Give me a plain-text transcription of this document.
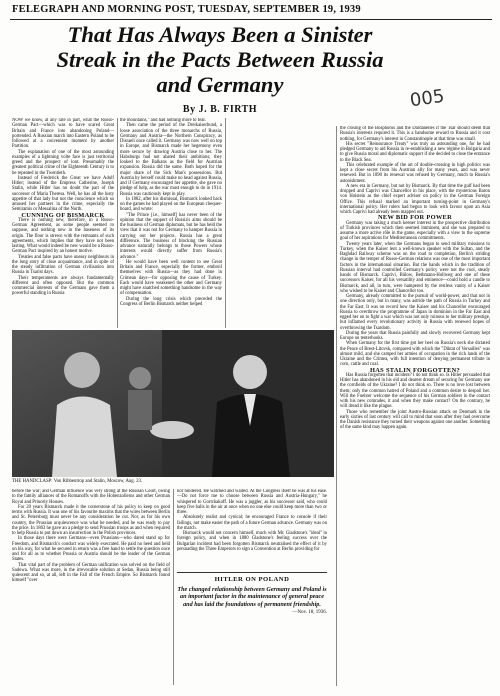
FELEGRAPH AND MORNING POST, TUESDAY, SEPTEMBER 19, 1939
005
That Has Always Been a Sinister Streak in the Pacts Between Russia and Germany
By J. B. FIRTH

NOW we know, at any rate in part, what the Russo-German Pact—which was to have scared Great Britain and France into abandoning Poland—portended. A Russian march into Eastern Poland to be followed at a convenient moment by another Partition.

The explanation of one of the most astounding examples of a lightning volte face is just territorial greed and the prospect of loot. Presumably the greatest political crime of the Eighteenth Century is to be repeated in the Twentieth.

Instead of Frederick the Great we have Adolf Hitler; instead of the Empress Catherine, Joseph Stalin, while Hitler has no doubt the part of the successor of Maria Theresa. Well, he has all the lusty appetite of that lady but not the conscience which so amused her partners in the crime, especially the Semiramis or Messalina of the North.

CUNNING OF BISMARCK

There is nothing new, therefore, in a Russo-German Agreement, as some people seemed to suppose, and nothing new in the baseness of its origin. The floor is strewn with the remnants of such agreements, which implies that they have not been lasting. What would indeed be new would be a Russo-German Pact inspired by an honest motive.

Treaties and false pacts have uneasy neighbours in the long story of close acquaintance, and in spite of the steady infiltration of German civilisation into Russia in Tsarist days.

Their temperaments are always fundamentally different and often opposed. But the common commercial interests of the Germans gave them a powerful standing in Russia

the mountains," and had nothing more to fear.

Then came the period of the Dreikaiserbund, a loose association of the three monarchs of Russia, Germany and Austria—the Northern Conspiracy, as Disraeli once called it. Germany was now well on top in Europe, and Bismarck made her hegemony even more secure by drawing Austria close to her. The Habsburgs had not abated their ambitions; they looked to the Balkans as the field for Austrian expansion. Russia did the same. Both hoped for the major share of the Sick Man's possessions. But Austria by herself could make no head against Russia, and if Germany encouraged her appetite, she gave no pledge of help, as the war must enough to do in 1914. Russia was cautiously kept in play.

In 1882, after his dismissal, Bismarck looked back on the games he had played on the European chequer-board, and wrote:

"The Prince [i.e., himself] has never been of the opinion that the support of Russia's aims should be the business of German diplomats, but he has held the view that it was not for Germany to hamper Russia in carrying out her projects. Russia has a great difference. The business of blocking the Russian advance naturally belongs to those Powers whose interests would directly suffer from Russia's advance."

He would have been well content to see Great Britain and France, especially the former, embroil themselves with Russia—as they had done in Crimean days—for opposing the cause of Turkey. Each would have weakened the other and Germany might have snatched something handsome in the way of compensation.

During the long crisis which preceded the Congress of Berlin Bismarck neither helped

the closing of the Bosphorus and the Dardanelles if the Tsar should deem that Russia's interests required it. This is a handsome reward to Russia and it cost nothing, for Germany's interest in Constantinople at that time was small.

His secret "Reinsurance Treaty" was truly an astounding one, for he had pledged Germany to aid Russia in re-establishing a new régime in Bulgaria and to give Russia moral and diplomatic support if she decided to close the entrance to the Black Sea.

This celebrated example of the art of double-crossing in high politics was kept a close secret from his Austrian ally for many years, and was never renewed. But in 1890 its renewal was refused by Germany, much to Russia's astonishment.

A new era in Germany, but not by Bismarck. By that time the gulf had been dropped and Caprivi was Chancellor in his place, with the mysterious Baron von Holstein as the chief expert adviser on policy in the German Foreign Office. This refusal marked an important turning-point in Germany's international policy. Her rulers had begun to look with favour upon an Asia which Caprivi had already been mapped out.

NEW BID FOR POWER

Germany was taking a much keener interest in the prospective distribution of Turkish provinces which then seemed imminent, and she was prepared to assume a more active rôle in the game, especially with a view to the supreme goal of her aspirations for Mediterranean commitments.

Twenty years later, when the Germans began to send military missions to Turkey, when the Kaiser lent a well-known speaker with the Sultan, and the Baghdad Railway scheme was on the road to completion, Berlin's striding change in the temper of Russo-German relations was one of the most important factors in the international situation. But the hands which in the tradition of Russian interval had controlled Germany's policy were not the cool, steady hands of Bismarck. Caprivi, Bülow, Bethmann-Hollweg and one of these successors Kaiser, for all his versatility and eminence—could hold a candle to Bismarck, and all, in turn, were hampered by the restless vanity of a Kaiser who wished to be Kaiser and Chancellor too.

Germany, already committed to the pursuit of world-power, and that not in one direction only, but in many, was astride the path of Russia in Turkey and the Far East. It was on record how the Kaiser and his Chancellor encouraged Russia to overthrow the programme of Japan in dominion in the Far East and egged her on to fight a war which was not only ruinous to her military prestige, but inflamed every revolutionary activity in Russia with renewed hopes of overthrowing the Tsardom.

During the years that Russia painfully and slowly recovered Germany kept Europe on tenterhooks.

When Germany for the first time got her heel on Russia's neck she dictated the Peace of Brest-Litovsk, compared with which the "Diktat of Versailles" was almost mild, and she camped her armies of occupation in the rich lands of the Ukraine and the Crimea, with full intention of denying permanent tribute in corn, cattle and coal.

HAS STALIN FORGOTTEN?

Has Russia forgotten that incident? I do not think so. Is Hitler persuaded that Hitler has abandoned in his old and dearest dream of securing for Germany use the cornfields of the Ukraine? I do not think so. There is no love lost between them; only the common hatred of Poland and a common desire to despoil her. Will the Fuehrer welcome the sequence of his German soldiers in the contact with his new comrades, it and when they make contact? On the contrary, he will dread it like the plague.

Those who remember the joint Austro-Russian attack on Denmark in the early sixties of last century will call to mind that soon after they had overcome the Danish resistance they turned their weapons against one another. Something of the same kind may happen again.

THE HANDCLASP: Von Ribbentrop and Stalin, Moscow, Aug. 23.

before the war; and German influence was very strong at the Russian Court, owing to the family alliances of the Romanoffs with the Hohenzollerns and other German Royal and Princely Houses.

For 20 years Bismarck made it the cornerstone of his policy to keep on good terms with Russia. It was one of his favourite maxims that the wires between Berlin and St. Petersburg must never be any consideration be cut. Nor, as for his own country, the Prussian acquiescence was what he needed, and he was ready to pay the price. In 1863 he gave an a pledge to send Prussian troops as and when required to help Russia to put down an insurrection in the Polish provinces.

In those days there were Germans—even Prussians—who dared stand up for Freedom, and Bismarck's conduct was widely execrated. He paid no heed and held on his way, for what he secured in return was a free hand to settle the question once and for all as to whether Prussia or Austria should be the leader of the German States.

That vital part of the problem of German unification was solved on the field of Sadowa. What was more, in the irrevocable solution at Sedan, Russia being still quiescent and so, at all, left in the Fall of the French Empire. So Bismarck found himself "over

nor hindered. He watched and waited. At the Congress itself he was at his ease.—Do not force me to choose between Russia and Austria-Hungary," he whispered to Gortchakoff. He was a juggler, as his successor said, who could keep five balls in the air at once when no one else could keep more than two or three.

Absolutely realist and cynical; he encouraged France to console if their failings, not make easier the path of a future German advance. Germany was on the march.

Bismarck would not concern himself, much with Mr. Gladstone's "ideal" in foreign policy, and when in 1880 Gladstone's feeling success over the Bulgarian incident had been forgotten Bismarck neutralised the effect of it by persuading the Three Emperors to sign a Convention at Berlin providing for

HITLER ON POLAND
The changed relationship between Germany and Poland is an important factor in the maintenance of general peace and has laid the foundations of permanent friendship.
—Nov. 18, 1936.
